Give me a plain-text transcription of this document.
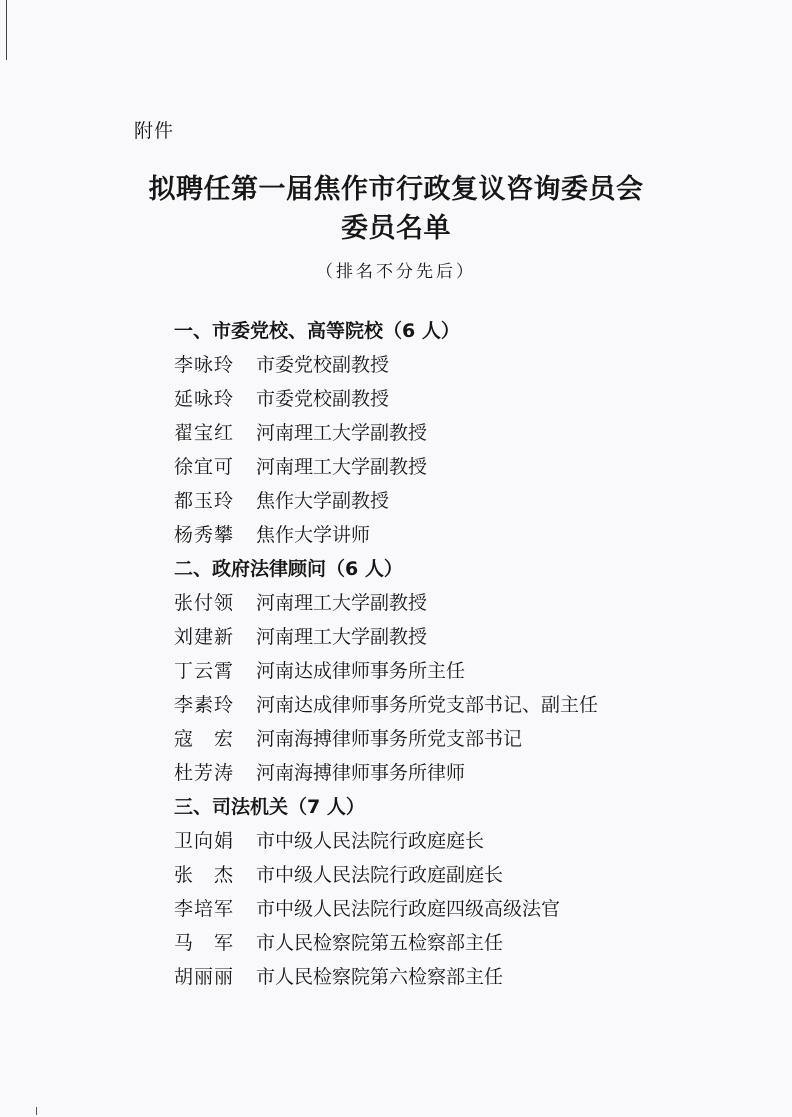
附件
拟聘任第一届焦作市行政复议咨询委员会
委员名单
（排名不分先后）
一、市委党校、高等院校（6 人）
李咏玲 市委党校副教授
延咏玲 市委党校副教授
翟宝红 河南理工大学副教授
徐宜可 河南理工大学副教授
都玉玲 焦作大学副教授
杨秀攀 焦作大学讲师
二、政府法律顾问（6 人）
张付领 河南理工大学副教授
刘建新 河南理工大学副教授
丁云霄 河南达成律师事务所主任
李素玲 河南达成律师事务所党支部书记、副主任
寇　宏 河南海搏律师事务所党支部书记
杜芳涛 河南海搏律师事务所律师
三、司法机关（7 人）
卫向娟 市中级人民法院行政庭庭长
张　杰 市中级人民法院行政庭副庭长
李培军 市中级人民法院行政庭四级高级法官
马　军 市人民检察院第五检察部主任
胡丽丽 市人民检察院第六检察部主任
